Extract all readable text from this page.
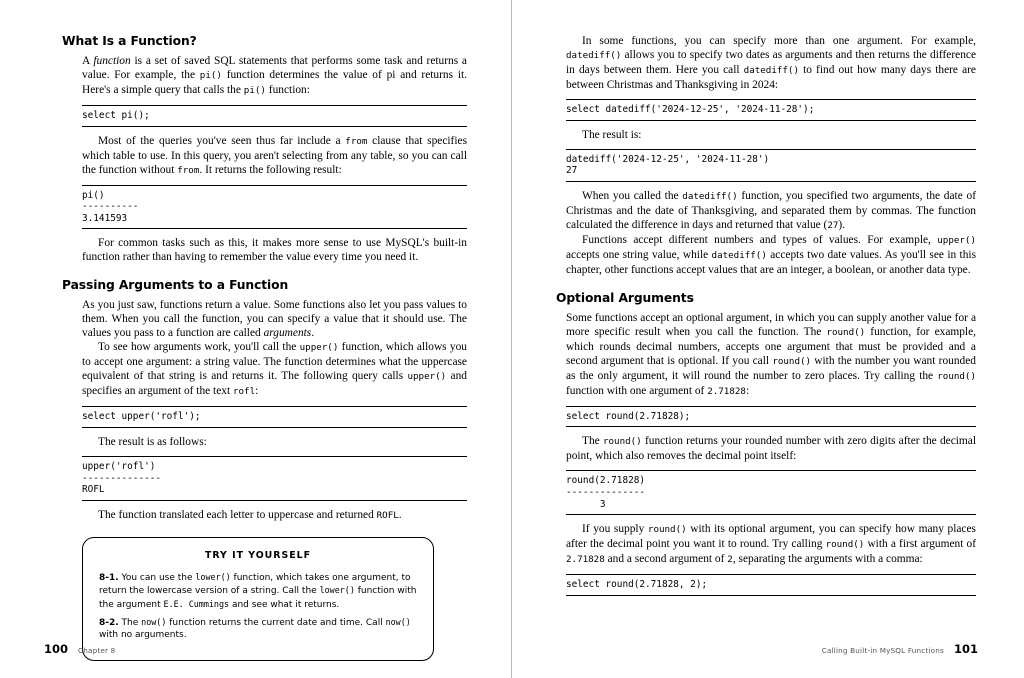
What Is a Function?

A function is a set of saved SQL statements that performs some task and returns a value. For example, the pi() function determines the value of pi and returns it. Here's a simple query that calls the pi() function:

select pi();

Most of the queries you've seen thus far include a from clause that specifies which table to use. In this query, you aren't selecting from any table, so you can call the function without from. It returns the following result:

pi()
----------
3.141593

For common tasks such as this, it makes more sense to use MySQL's built-in function rather than having to remember the value every time you need it.

Passing Arguments to a Function

As you just saw, functions return a value. Some functions also let you pass values to them. When you call the function, you can specify a value that it should use. The values you pass to a function are called arguments.

To see how arguments work, you'll call the upper() function, which allows you to accept one argument: a string value. The function determines what the uppercase equivalent of that string is and returns it. The following query calls upper() and specifies an argument of the text rofl:

select upper('rofl');

The result is as follows:

upper('rofl')
--------------
ROFL

The function translated each letter to uppercase and returned ROFL.

TRY IT YOURSELF

8-1. You can use the lower() function, which takes one argument, to return the lowercase version of a string. Call the lower() function with the argument E.E. Cummings and see what it returns.

8-2. The now() function returns the current date and time. Call now() with no arguments.

100 Chapter 8

In some functions, you can specify more than one argument. For example, datediff() allows you to specify two dates as arguments and then returns the difference in days between them. Here you call datediff() to find out how many days there are between Christmas and Thanksgiving in 2024:

select datediff('2024-12-25', '2024-11-28');

The result is:

datediff('2024-12-25', '2024-11-28')
27

When you called the datediff() function, you specified two arguments, the date of Christmas and the date of Thanksgiving, and separated them by commas. The function calculated the difference in days and returned that value (27).

Functions accept different numbers and types of values. For example, upper() accepts one string value, while datediff() accepts two date values. As you'll see in this chapter, other functions accept values that are an integer, a boolean, or another data type.

Optional Arguments

Some functions accept an optional argument, in which you can supply another value for a more specific result when you call the function. The round() function, for example, which rounds decimal numbers, accepts one argument that must be provided and a second argument that is optional. If you call round() with the number you want rounded as the only argument, it will round the number to zero places. Try calling the round() function with one argument of 2.71828:

select round(2.71828);

The round() function returns your rounded number with zero digits after the decimal point, which also removes the decimal point itself:

round(2.71828)
--------------
3

If you supply round() with its optional argument, you can specify how many places after the decimal point you want it to round. Try calling round() with a first argument of 2.71828 and a second argument of 2, separating the arguments with a comma:

select round(2.71828, 2);
Calling Built-in MySQL Functions 101
